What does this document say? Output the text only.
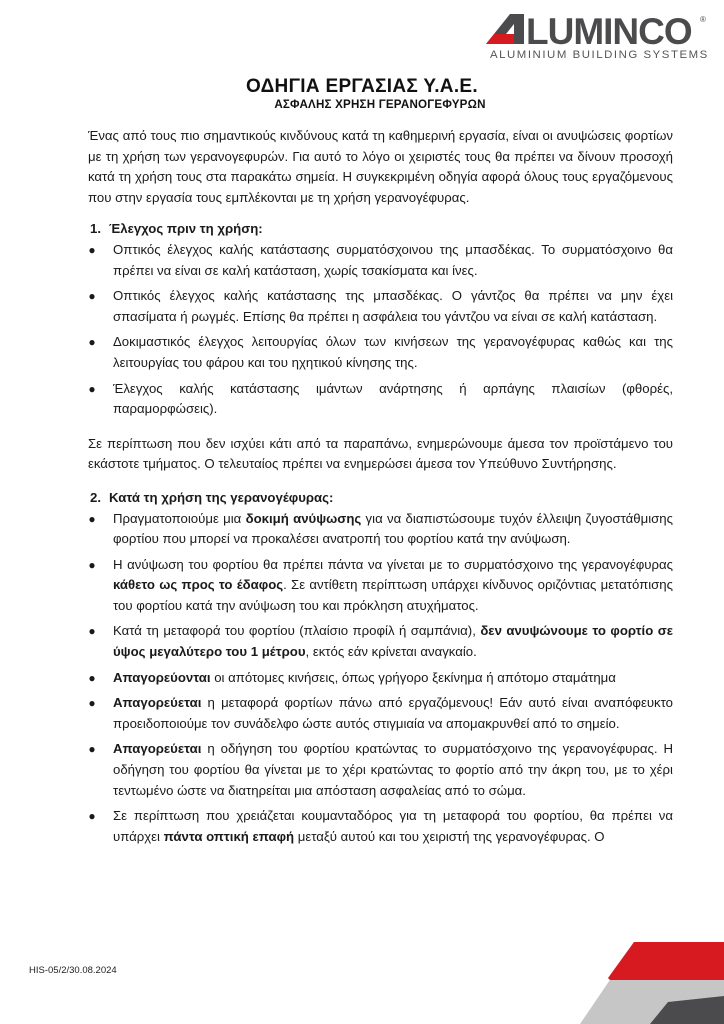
LUMINCO ®
ALUMINIUM BUILDING SYSTEMS
ΟΔΗΓΙΑ ΕΡΓΑΣΙΑΣ Υ.Α.Ε.
ΑΣΦΑΛΗΣ ΧΡΗΣΗ ΓΕΡΑΝΟΓΕΦΥΡΩΝ

Ένας από τους πιο σημαντικούς κινδύνους κατά τη καθημερινή εργασία, είναι οι ανυψώσεις φορτίων με τη χρήση των γερανογεφυρών. Για αυτό το λόγο οι χειριστές τους θα πρέπει να δίνουν προσοχή κατά τη χρήση τους στα παρακάτω σημεία. Η συγκεκριμένη οδηγία αφορά όλους τους εργαζόμενους που στην εργασία τους εμπλέκονται με τη χρήση γερανογέφυρας.

1. Έλεγχος πριν τη χρήση:
● Οπτικός έλεγχος καλής κατάστασης συρματόσχοινου της μπασδέκας. Το συρματόσχοινο θα πρέπει να είναι σε καλή κατάσταση, χωρίς τσακίσματα και ίνες.
● Οπτικός έλεγχος καλής κατάστασης της μπασδέκας. Ο γάντζος θα πρέπει να μην έχει σπασίματα ή ρωγμές. Επίσης θα πρέπει η ασφάλεια του γάντζου να είναι σε καλή κατάσταση.
● Δοκιμαστικός έλεγχος λειτουργίας όλων των κινήσεων της γερανογέφυρας καθώς και της λειτουργίας του φάρου και του ηχητικού κίνησης της.
● Έλεγχος καλής κατάστασης ιμάντων ανάρτησης ή αρπάγης πλαισίων (φθορές, παραμορφώσεις).

Σε περίπτωση που δεν ισχύει κάτι από τα παραπάνω, ενημερώνουμε άμεσα τον προϊστάμενο του εκάστοτε τμήματος. Ο τελευταίος πρέπει να ενημερώσει άμεσα τον Υπεύθυνο Συντήρησης.

2. Κατά τη χρήση της γερανογέφυρας:
● Πραγματοποιούμε μια δοκιμή ανύψωσης για να διαπιστώσουμε τυχόν έλλειψη ζυγοστάθμισης φορτίου που μπορεί να προκαλέσει ανατροπή του φορτίου κατά την ανύψωση.
● Η ανύψωση του φορτίου θα πρέπει πάντα να γίνεται με το συρματόσχοινο της γερανογέφυρας κάθετο ως προς το έδαφος. Σε αντίθετη περίπτωση υπάρχει κίνδυνος οριζόντιας μετατόπισης του φορτίου κατά την ανύψωση του και πρόκληση ατυχήματος.
● Κατά τη μεταφορά του φορτίου (πλαίσιο προφίλ ή σαμπάνια), δεν ανυψώνουμε το φορτίο σε ύψος μεγαλύτερο του 1 μέτρου, εκτός εάν κρίνεται αναγκαίο.
● Απαγορεύονται οι απότομες κινήσεις, όπως γρήγορο ξεκίνημα ή απότομο σταμάτημα
● Απαγορεύεται η μεταφορά φορτίων πάνω από εργαζόμενους! Εάν αυτό είναι αναπόφευκτο προειδοποιούμε τον συνάδελφο ώστε αυτός στιγμιαία να απομακρυνθεί από το σημείο.
● Απαγορεύεται η οδήγηση του φορτίου κρατώντας το συρματόσχοινο της γερανογέφυρας. Η οδήγηση του φορτίου θα γίνεται με το χέρι κρατώντας το φορτίο από την άκρη του, με το χέρι τεντωμένο ώστε να διατηρείται μια απόσταση ασφαλείας από το σώμα.
● Σε περίπτωση που χρειάζεται κουμανταδόρος για τη μεταφορά του φορτίου, θα πρέπει να υπάρχει πάντα οπτική επαφή μεταξύ αυτού και του χειριστή της γερανογέφυρας. Ο
HIS-05/2/30.08.2024
